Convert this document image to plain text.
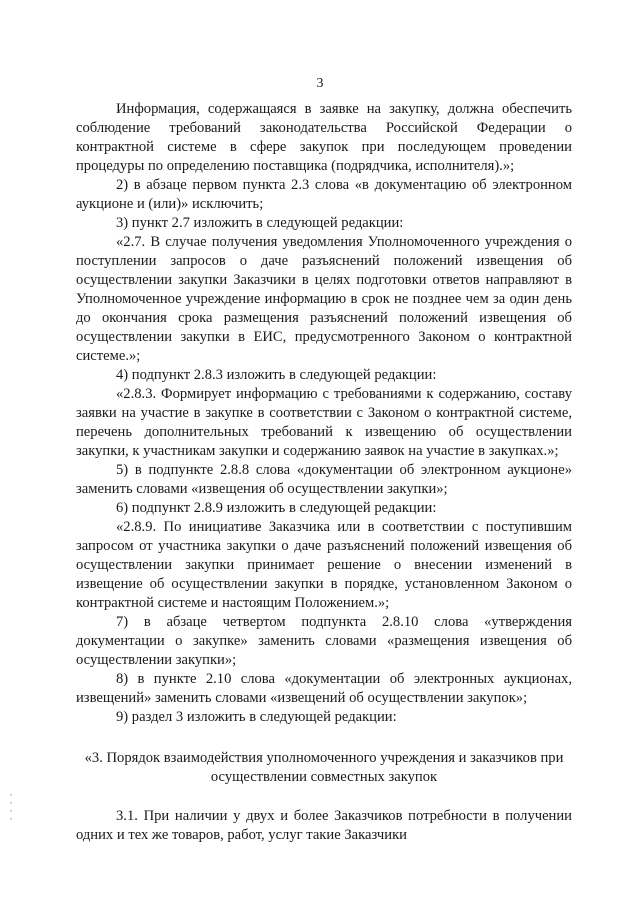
3

Информация, содержащаяся в заявке на закупку, должна обеспечить соблюдение требований законодательства Российской Федерации о контрактной системе в сфере закупок при последующем проведении процедуры по определению поставщика (подрядчика, исполнителя).»;

2) в абзаце первом пункта 2.3 слова «в документацию об электронном аукционе и (или)» исключить;

3) пункт 2.7 изложить в следующей редакции:

«2.7. В случае получения уведомления Уполномоченного учреждения о поступлении запросов о даче разъяснений положений извещения об осуществлении закупки Заказчики в целях подготовки ответов направляют в Уполномоченное учреждение информацию в срок не позднее чем за один день до окончания срока размещения разъяснений положений извещения об осуществлении закупки в ЕИС, предусмотренного Законом о контрактной системе.»;

4) подпункт 2.8.3 изложить в следующей редакции:

«2.8.3. Формирует информацию с требованиями к содержанию, составу заявки на участие в закупке в соответствии с Законом о контрактной системе, перечень дополнительных требований к извещению об осуществлении закупки, к участникам закупки и содержанию заявок на участие в закупках.»;

5) в подпункте 2.8.8 слова «документации об электронном аукционе» заменить словами «извещения об осуществлении закупки»;

6) подпункт 2.8.9 изложить в следующей редакции:

«2.8.9. По инициативе Заказчика или в соответствии с поступившим запросом от участника закупки о даче разъяснений положений извещения об осуществлении закупки принимает решение о внесении изменений в извещение об осуществлении закупки в порядке, установленном Законом о контрактной системе и настоящим Положением.»;

7) в абзаце четвертом подпункта 2.8.10 слова «утверждения документации о закупке» заменить словами «размещения извещения об осуществлении закупки»;

8) в пункте 2.10 слова «документации об электронных аукционах, извещений» заменить словами «извещений об осуществлении закупок»;

9) раздел 3 изложить в следующей редакции:

«3. Порядок взаимодействия уполномоченного учреждения и заказчиков при осуществлении совместных закупок

3.1. При наличии у двух и более Заказчиков потребности в получении одних и тех же товаров, работ, услуг такие Заказчики

·
·
·
·
